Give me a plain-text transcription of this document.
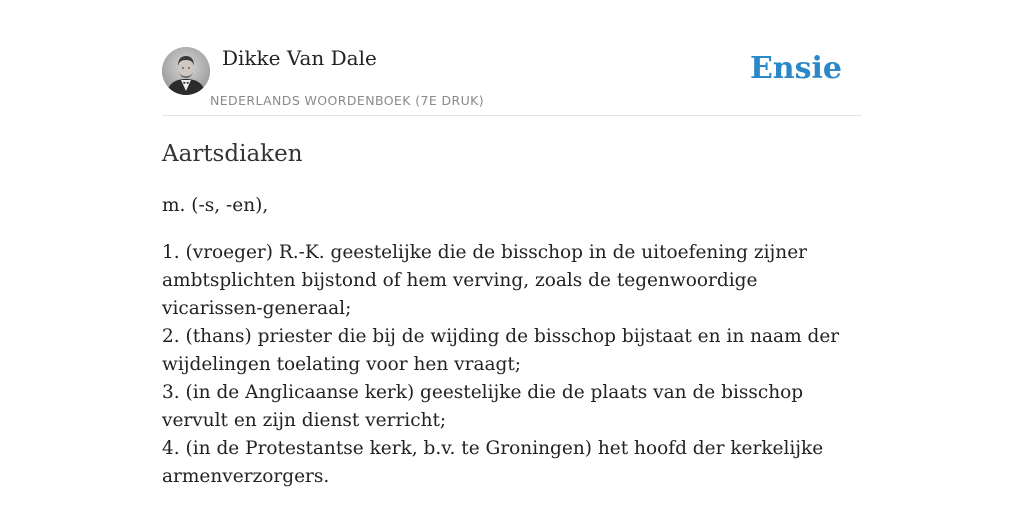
Dikke Van Dale
NEDERLANDS WOORDENBOEK (7E DRUK)
Ensie
Aartsdiaken
m. (-s, -en),
1. (vroeger) R.-K. geestelijke die de bisschop in de uitoefening zijner ambtsplichten bijstond of hem verving, zoals de tegenwoordige vicarissen-generaal;
2. (thans) priester die bij de wijding de bisschop bijstaat en in naam der wijdelingen toelating voor hen vraagt;
3. (in de Anglicaanse kerk) geestelijke die de plaats van de bisschop vervult en zijn dienst verricht;
4. (in de Protestantse kerk, b.v. te Groningen) het hoofd der kerkelijke armenverzorgers.
